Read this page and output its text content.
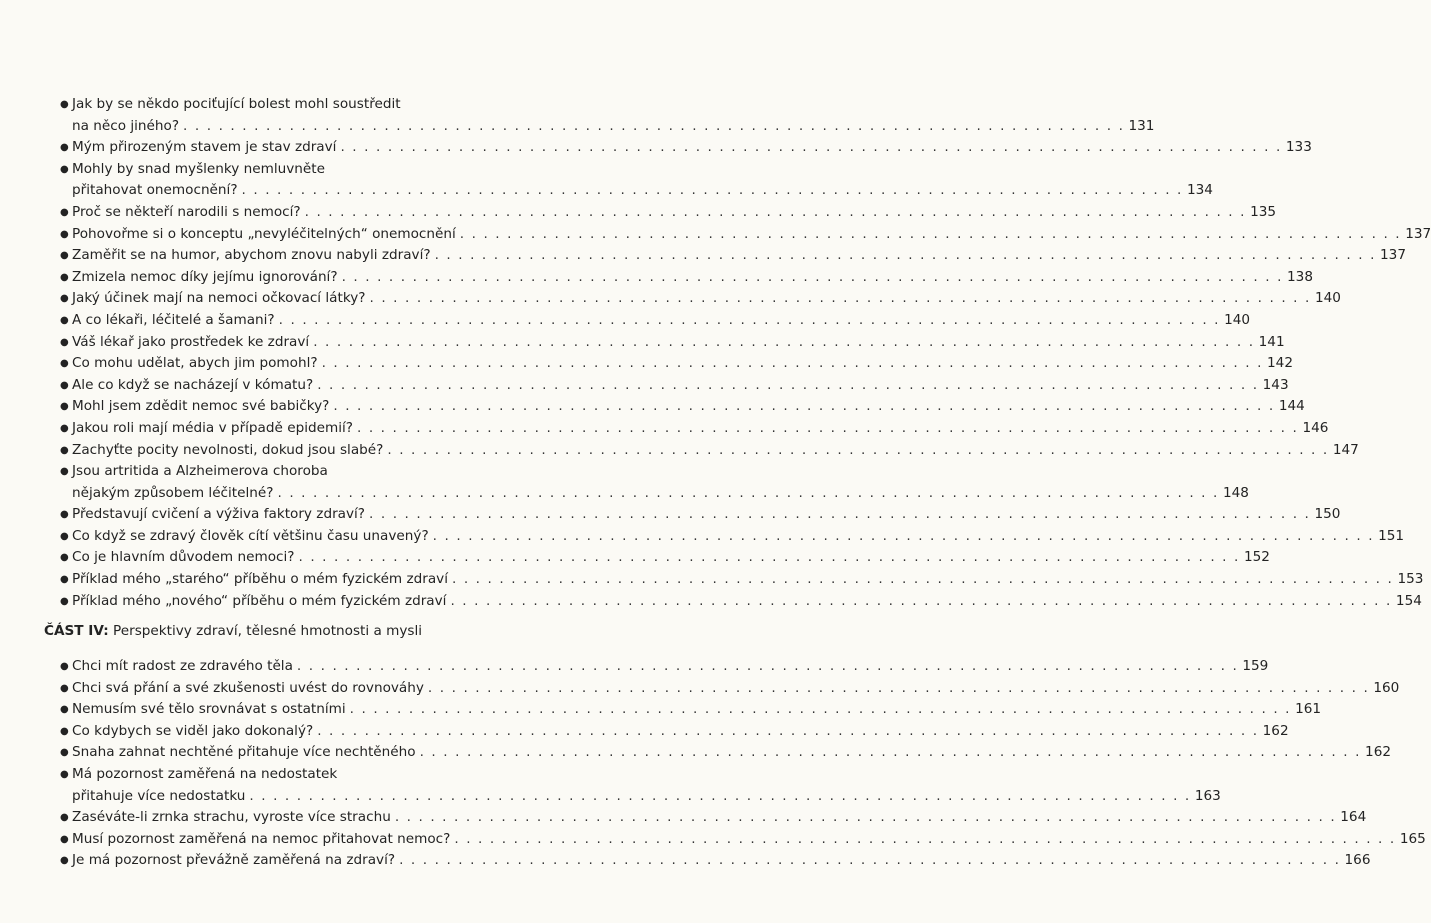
● Jak by se někdo pociťující bolest mohl soustředit
na něco jiného? . . . . . . . . . . . . . . . . . . . . . . . . . . . . . . . . . . . . . . . . . . . . . . . . . . . . . . . . . . . . . . . . . . . . . . . . . . . . . . . . 131
● Mým přirozeným stavem je stav zdraví . . . . . . . . . . . . . . . . . . . . . . . . . . . . . . . . . . . . . . . . . . . . . . . . . . . . . . . . . . . . . . . . . . . . . . . . . . . . . . . . 133
● Mohly by snad myšlenky nemluvněte
přitahovat onemocnění? . . . . . . . . . . . . . . . . . . . . . . . . . . . . . . . . . . . . . . . . . . . . . . . . . . . . . . . . . . . . . . . . . . . . . . . . . . . . . . . . 134
● Proč se někteří narodili s nemocí? . . . . . . . . . . . . . . . . . . . . . . . . . . . . . . . . . . . . . . . . . . . . . . . . . . . . . . . . . . . . . . . . . . . . . . . . . . . . . . . . 135
● Pohovořme si o konceptu „nevyléčitelných“ onemocnění . . . . . . . . . . . . . . . . . . . . . . . . . . . . . . . . . . . . . . . . . . . . . . . . . . . . . . . . . . . . . . . . . . . . . . . . . . . . . . . . 137
● Zaměřit se na humor, abychom znovu nabyli zdraví? . . . . . . . . . . . . . . . . . . . . . . . . . . . . . . . . . . . . . . . . . . . . . . . . . . . . . . . . . . . . . . . . . . . . . . . . . . . . . . . . 137
● Zmizela nemoc díky jejímu ignorování? . . . . . . . . . . . . . . . . . . . . . . . . . . . . . . . . . . . . . . . . . . . . . . . . . . . . . . . . . . . . . . . . . . . . . . . . . . . . . . . . 138
● Jaký účinek mají na nemoci očkovací látky? . . . . . . . . . . . . . . . . . . . . . . . . . . . . . . . . . . . . . . . . . . . . . . . . . . . . . . . . . . . . . . . . . . . . . . . . . . . . . . . . 140
● A co lékaři, léčitelé a šamani? . . . . . . . . . . . . . . . . . . . . . . . . . . . . . . . . . . . . . . . . . . . . . . . . . . . . . . . . . . . . . . . . . . . . . . . . . . . . . . . . 140
● Váš lékař jako prostředek ke zdraví . . . . . . . . . . . . . . . . . . . . . . . . . . . . . . . . . . . . . . . . . . . . . . . . . . . . . . . . . . . . . . . . . . . . . . . . . . . . . . . . 141
● Co mohu udělat, abych jim pomohl? . . . . . . . . . . . . . . . . . . . . . . . . . . . . . . . . . . . . . . . . . . . . . . . . . . . . . . . . . . . . . . . . . . . . . . . . . . . . . . . . 142
● Ale co když se nacházejí v kómatu? . . . . . . . . . . . . . . . . . . . . . . . . . . . . . . . . . . . . . . . . . . . . . . . . . . . . . . . . . . . . . . . . . . . . . . . . . . . . . . . . 143
● Mohl jsem zdědit nemoc své babičky? . . . . . . . . . . . . . . . . . . . . . . . . . . . . . . . . . . . . . . . . . . . . . . . . . . . . . . . . . . . . . . . . . . . . . . . . . . . . . . . . 144
● Jakou roli mají média v případě epidemií? . . . . . . . . . . . . . . . . . . . . . . . . . . . . . . . . . . . . . . . . . . . . . . . . . . . . . . . . . . . . . . . . . . . . . . . . . . . . . . . . 146
● Zachyťte pocity nevolnosti, dokud jsou slabé? . . . . . . . . . . . . . . . . . . . . . . . . . . . . . . . . . . . . . . . . . . . . . . . . . . . . . . . . . . . . . . . . . . . . . . . . . . . . . . . . 147
● Jsou artritida a Alzheimerova choroba
nějakým způsobem léčitelné? . . . . . . . . . . . . . . . . . . . . . . . . . . . . . . . . . . . . . . . . . . . . . . . . . . . . . . . . . . . . . . . . . . . . . . . . . . . . . . . . 148
● Představují cvičení a výživa faktory zdraví? . . . . . . . . . . . . . . . . . . . . . . . . . . . . . . . . . . . . . . . . . . . . . . . . . . . . . . . . . . . . . . . . . . . . . . . . . . . . . . . . 150
● Co když se zdravý člověk cítí většinu času unavený? . . . . . . . . . . . . . . . . . . . . . . . . . . . . . . . . . . . . . . . . . . . . . . . . . . . . . . . . . . . . . . . . . . . . . . . . . . . . . . . . 151
● Co je hlavním důvodem nemoci? . . . . . . . . . . . . . . . . . . . . . . . . . . . . . . . . . . . . . . . . . . . . . . . . . . . . . . . . . . . . . . . . . . . . . . . . . . . . . . . . 152
● Příklad mého „starého“ příběhu o mém fyzickém zdraví . . . . . . . . . . . . . . . . . . . . . . . . . . . . . . . . . . . . . . . . . . . . . . . . . . . . . . . . . . . . . . . . . . . . . . . . . . . . . . . . 153
● Příklad mého „nového“ příběhu o mém fyzickém zdraví . . . . . . . . . . . . . . . . . . . . . . . . . . . . . . . . . . . . . . . . . . . . . . . . . . . . . . . . . . . . . . . . . . . . . . . . . . . . . . . . 154
ČÁST IV: Perspektivy zdraví, tělesné hmotnosti a mysli
● Chci mít radost ze zdravého těla . . . . . . . . . . . . . . . . . . . . . . . . . . . . . . . . . . . . . . . . . . . . . . . . . . . . . . . . . . . . . . . . . . . . . . . . . . . . . . . . 159
● Chci svá přání a své zkušenosti uvést do rovnováhy . . . . . . . . . . . . . . . . . . . . . . . . . . . . . . . . . . . . . . . . . . . . . . . . . . . . . . . . . . . . . . . . . . . . . . . . . . . . . . . . 160
● Nemusím své tělo srovnávat s ostatními . . . . . . . . . . . . . . . . . . . . . . . . . . . . . . . . . . . . . . . . . . . . . . . . . . . . . . . . . . . . . . . . . . . . . . . . . . . . . . . . 161
● Co kdybych se viděl jako dokonalý? . . . . . . . . . . . . . . . . . . . . . . . . . . . . . . . . . . . . . . . . . . . . . . . . . . . . . . . . . . . . . . . . . . . . . . . . . . . . . . . . 162
● Snaha zahnat nechtěné přitahuje více nechtěného . . . . . . . . . . . . . . . . . . . . . . . . . . . . . . . . . . . . . . . . . . . . . . . . . . . . . . . . . . . . . . . . . . . . . . . . . . . . . . . . 162
● Má pozornost zaměřená na nedostatek
přitahuje více nedostatku . . . . . . . . . . . . . . . . . . . . . . . . . . . . . . . . . . . . . . . . . . . . . . . . . . . . . . . . . . . . . . . . . . . . . . . . . . . . . . . . 163
● Zaséváte-li zrnka strachu, vyroste více strachu . . . . . . . . . . . . . . . . . . . . . . . . . . . . . . . . . . . . . . . . . . . . . . . . . . . . . . . . . . . . . . . . . . . . . . . . . . . . . . . . 164
● Musí pozornost zaměřená na nemoc přitahovat nemoc? . . . . . . . . . . . . . . . . . . . . . . . . . . . . . . . . . . . . . . . . . . . . . . . . . . . . . . . . . . . . . . . . . . . . . . . . . . . . . . . . 165
● Je má pozornost převážně zaměřená na zdraví? . . . . . . . . . . . . . . . . . . . . . . . . . . . . . . . . . . . . . . . . . . . . . . . . . . . . . . . . . . . . . . . . . . . . . . . . . . . . . . . . 166
